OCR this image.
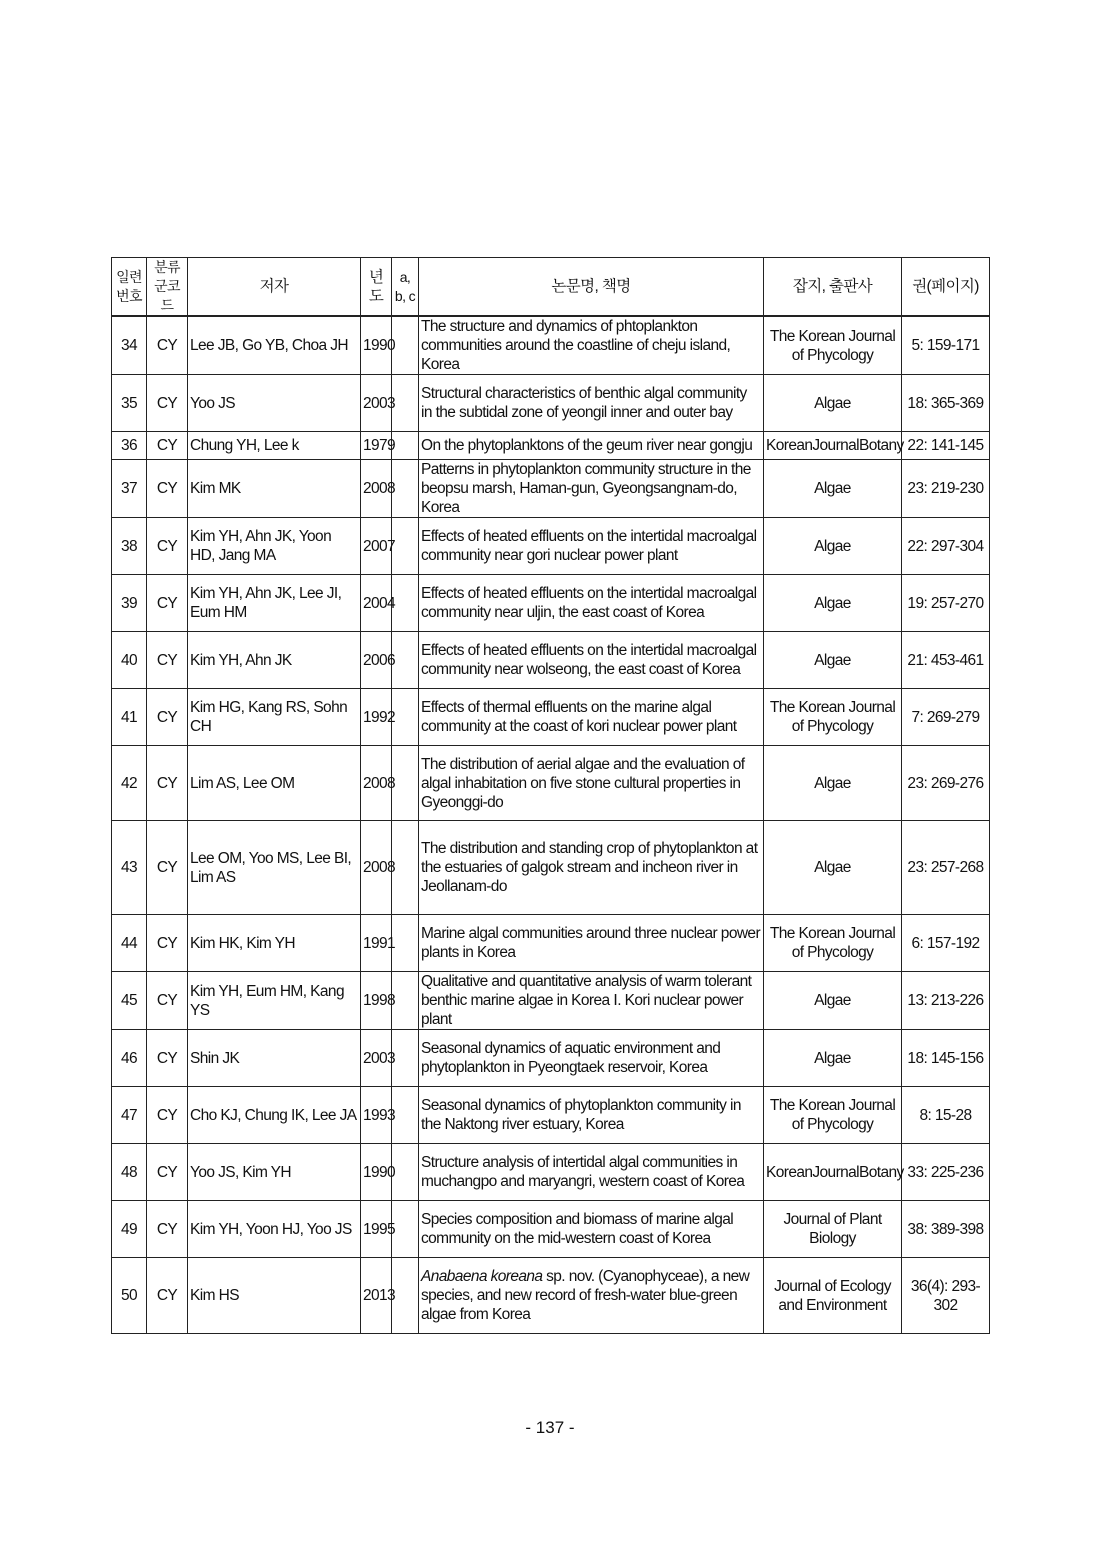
일련번호	분류군코드	저자	년도	a, b, c	논문명, 책명	잡지, 출판사	권(페이지)
34	CY	Lee JB, Go YB, Choa JH	1990		The structure and dynamics of phtoplankton communities around the coastline of cheju island, Korea	The Korean Journal of Phycology	5: 159-171
35	CY	Yoo JS	2003		Structural characteristics of benthic algal community in the subtidal zone of yeongil inner and outer bay	Algae	18: 365-369
36	CY	Chung YH, Lee k	1979		On the phytoplanktons of the geum river near gongju	KoreanJournalBotany	22: 141-145
37	CY	Kim MK	2008		Patterns in phytoplankton community structure in the beopsu marsh, Haman-gun, Gyeongsangnam-do, Korea	Algae	23: 219-230
38	CY	Kim YH, Ahn JK, Yoon HD, Jang MA	2007		Effects of heated effluents on the intertidal macroalgal community near gori nuclear power plant	Algae	22: 297-304
39	CY	Kim YH, Ahn JK, Lee JI, Eum HM	2004		Effects of heated effluents on the intertidal macroalgal community near uljin, the east coast of Korea	Algae	19: 257-270
40	CY	Kim YH, Ahn JK	2006		Effects of heated effluents on the intertidal macroalgal community near wolseong, the east coast of Korea	Algae	21: 453-461
41	CY	Kim HG, Kang RS, Sohn CH	1992		Effects of thermal effluents on the marine algal community at the coast of kori nuclear power plant	The Korean Journal of Phycology	7: 269-279
42	CY	Lim AS, Lee OM	2008		The distribution of aerial algae and the evaluation of algal inhabitation on five stone cultural properties in Gyeonggi-do	Algae	23: 269-276
43	CY	Lee OM, Yoo MS, Lee BI, Lim AS	2008		The distribution and standing crop of phytoplankton at the estuaries of galgok stream and incheon river in Jeollanam-do	Algae	23: 257-268
44	CY	Kim HK, Kim YH	1991		Marine algal communities around three nuclear power plants in Korea	The Korean Journal of Phycology	6: 157-192
45	CY	Kim YH, Eum HM, Kang YS	1998		Qualitative and quantitative analysis of warm tolerant benthic marine algae in Korea Ⅰ. Kori nuclear power plant	Algae	13: 213-226
46	CY	Shin JK	2003		Seasonal dynamics of aquatic environment and phytoplankton in Pyeongtaek reservoir, Korea	Algae	18: 145-156
47	CY	Cho KJ, Chung IK, Lee JA	1993		Seasonal dynamics of phytoplankton community in the Naktong river estuary, Korea	The Korean Journal of Phycology	8: 15-28
48	CY	Yoo JS, Kim YH	1990		Structure analysis of intertidal algal communities in muchangpo and maryangri, western coast of Korea	KoreanJournalBotany	33: 225-236
49	CY	Kim YH, Yoon HJ, Yoo JS	1995		Species composition and biomass of marine algal community on the mid-western coast of Korea	Journal of Plant Biology	38: 389-398
50	CY	Kim HS	2013		Anabaena koreana sp. nov. (Cyanophyceae), a new species, and new record of fresh-water blue-green algae from Korea	Journal of Ecology and Environment	36(4): 293-302
- 137 -
